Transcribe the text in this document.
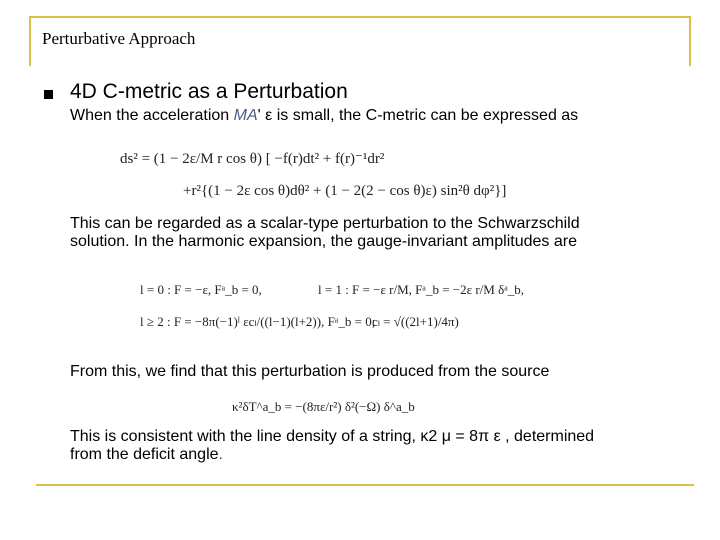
Perturbative Approach
4D C-metric as a Perturbation
When the acceleration MA' ε is small, the C-metric can be expressed as
ds² = (1 − 2ε/M r cos θ) [ −f(r)dt² + f(r)⁻¹dr²
+r²{(1 − 2ε cos θ)dθ² + (1 − 2(2 − cos θ)ε) sin²θ dφ²}]
l = 0 : F = −ε, Fᵃ_b = 0,	l = 1 : F = −ε r/M, Fᵃ_b = −2ε r/M δᵃ_b,
l ≥ 2 : F = −8π(−1)ˡ εcₗ/((l−1)(l+2)), Fᵃ_b = 0;
cₗ = √((2l+1)/4π)
κ²δT^a_b = −(8πε/r²) δ²(−Ω) δ^a_b
This can be regarded as a scalar-type perturbation to the Schwarzschild
solution. In the harmonic expansion, the gauge-invariant amplitudes are
From this, we find that this perturbation is produced from the source
This is consistent with the line density of a string, κ2 μ = 8π ε , determined
from the deficit angle.
